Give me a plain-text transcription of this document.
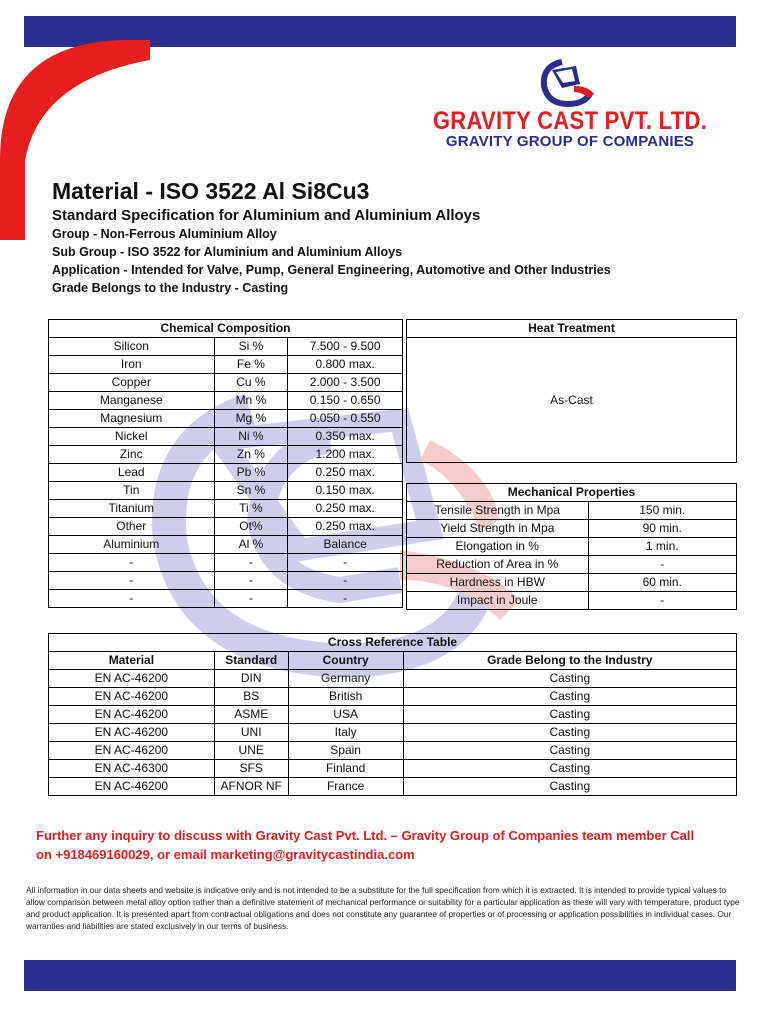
GRAVITY CAST PVT. LTD.
GRAVITY GROUP OF COMPANIES
Material - ISO 3522 Al Si8Cu3
Standard Specification for Aluminium and Aluminium Alloys
Group - Non-Ferrous Aluminium Alloy
Sub Group - ISO 3522 for Aluminium and Aluminium Alloys
Application - Intended for Valve, Pump, General Engineering, Automotive and Other Industries
Grade Belongs to the Industry - Casting
Chemical Composition		
Silicon	Si %	7.500 - 9.500
Iron	Fe %	0.800 max.
Copper	Cu %	2.000 - 3.500
Manganese	Mn %	0.150 - 0.650
Magnesium	Mg %	0.050 - 0.550
Nickel	Ni %	0.350 max.
Zinc	Zn %	1.200 max.
Lead	Pb %	0.250 max.
Tin	Sn %	0.150 max.
Titanium	Ti %	0.250 max.
Other	Ot%	0.250 max.
Aluminium	Al %	Balance
-	-	-
-	-	-
-	-	-
Heat Treatment
As-Cast
Mechanical Properties	
Tensile Strength in Mpa	150 min.
Yield Strength in Mpa	90 min.
Elongation in %	1 min.
Reduction of Area in %	-
Hardness in HBW	60 min.
Impact in Joule	-
Cross Reference Table			
Material	Standard	Country	Grade Belong to the Industry
EN AC-46200	DIN	Germany	Casting
EN AC-46200	BS	British	Casting
EN AC-46200	ASME	USA	Casting
EN AC-46200	UNI	Italy	Casting
EN AC-46200	UNE	Spain	Casting
EN AC-46300	SFS	Finland	Casting
EN AC-46200	AFNOR NF	France	Casting
Further any inquiry to discuss with Gravity Cast Pvt. Ltd. – Gravity Group of Companies team member Call
on +918469160029, or email marketing@gravitycastindia.com
All information in our data sheets and website is indicative only and is not intended to be a substitute for the full specification from which it is extracted. It is intended to provide typical values to allow comparison between metal alloy option rather than a definitive statement of mechanical performance or suitability for a particular application as these will vary with temperature, product type and product application. It is presented apart from contractual obligations and does not constitute any guarantee of properties or of processing or application possibilities in individual cases. Our warranties and liabilities are stated exclusively in our terms of business.
